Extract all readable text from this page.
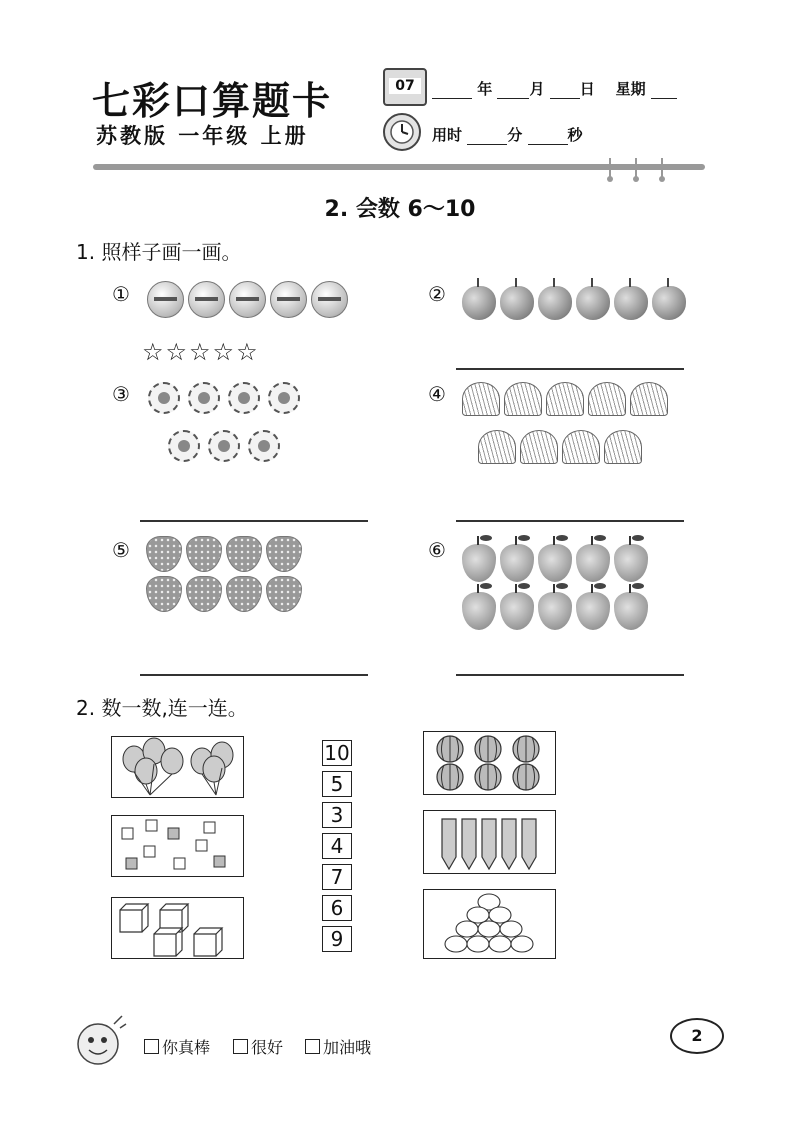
七彩口算题卡
苏教版 一年级 上册
07	年 月 日 星期
用时	分	秒
2. 会数 6～10
1. 照样子画一画。
①
☆☆☆☆☆
②
③	④
⑤	⑥
2. 数一数,连一连。
10
5
3
4
7
6
9
你真棒	很好	加油哦
2
